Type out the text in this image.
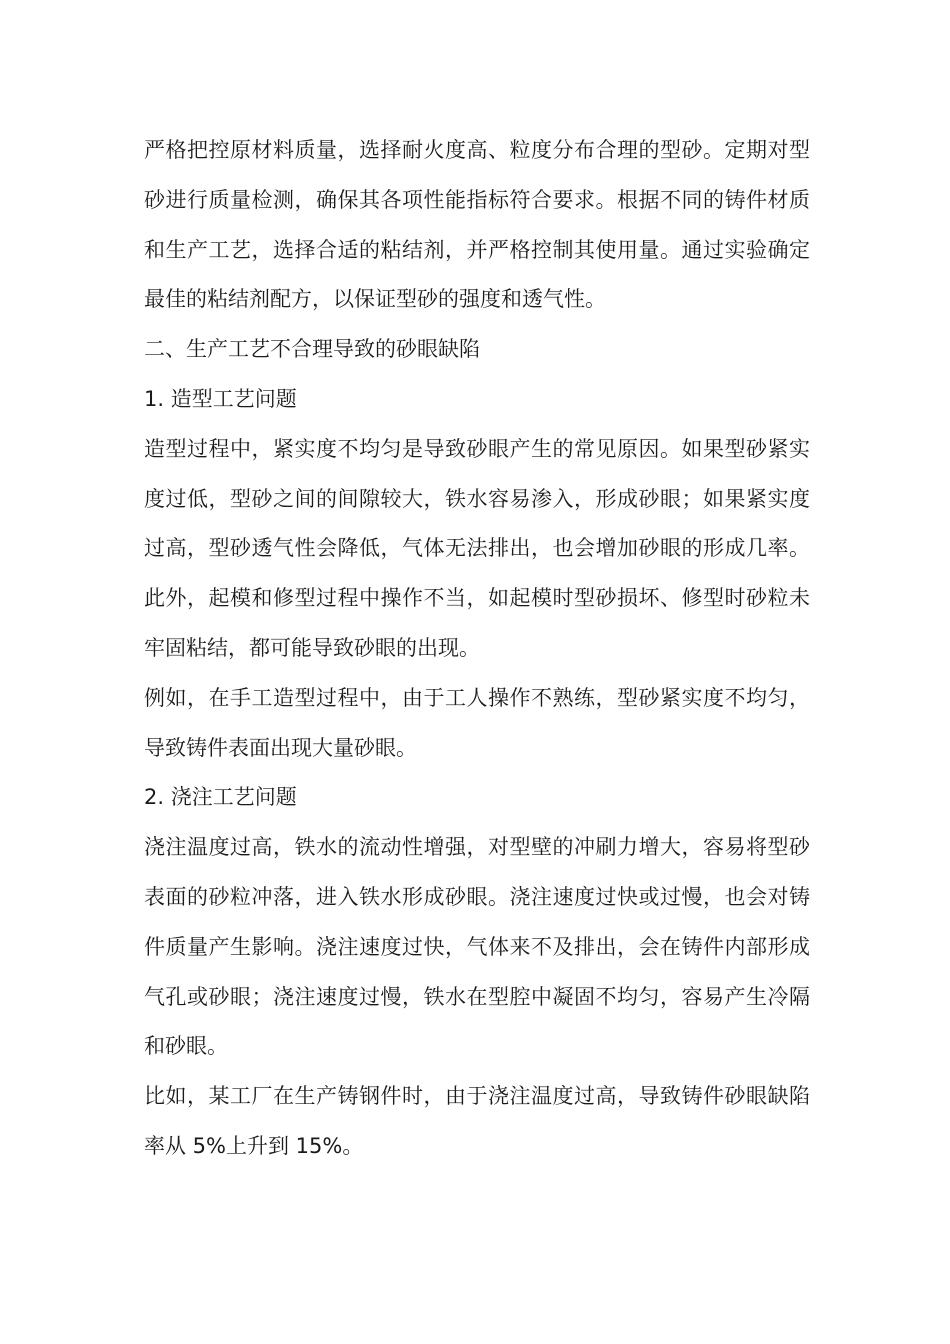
严格把控原材料质量，选择耐火度高、粒度分布合理的型砂。定期对型砂进行质量检测，确保其各项性能指标符合要求。根据不同的铸件材质和生产工艺，选择合适的粘结剂，并严格控制其使用量。通过实验确定最佳的粘结剂配方，以保证型砂的强度和透气性。

二、生产工艺不合理导致的砂眼缺陷

1. 造型工艺问题

造型过程中，紧实度不均匀是导致砂眼产生的常见原因。如果型砂紧实度过低，型砂之间的间隙较大，铁水容易渗入，形成砂眼；如果紧实度过高，型砂透气性会降低，气体无法排出，也会增加砂眼的形成几率。此外，起模和修型过程中操作不当，如起模时型砂损坏、修型时砂粒未牢固粘结，都可能导致砂眼的出现。

例如，在手工造型过程中，由于工人操作不熟练，型砂紧实度不均匀，导致铸件表面出现大量砂眼。

2. 浇注工艺问题

浇注温度过高，铁水的流动性增强，对型壁的冲刷力增大，容易将型砂表面的砂粒冲落，进入铁水形成砂眼。浇注速度过快或过慢，也会对铸件质量产生影响。浇注速度过快，气体来不及排出，会在铸件内部形成气孔或砂眼；浇注速度过慢，铁水在型腔中凝固不均匀，容易产生冷隔和砂眼。

比如，某工厂在生产铸钢件时，由于浇注温度过高，导致铸件砂眼缺陷率从 5%上升到 15%。
